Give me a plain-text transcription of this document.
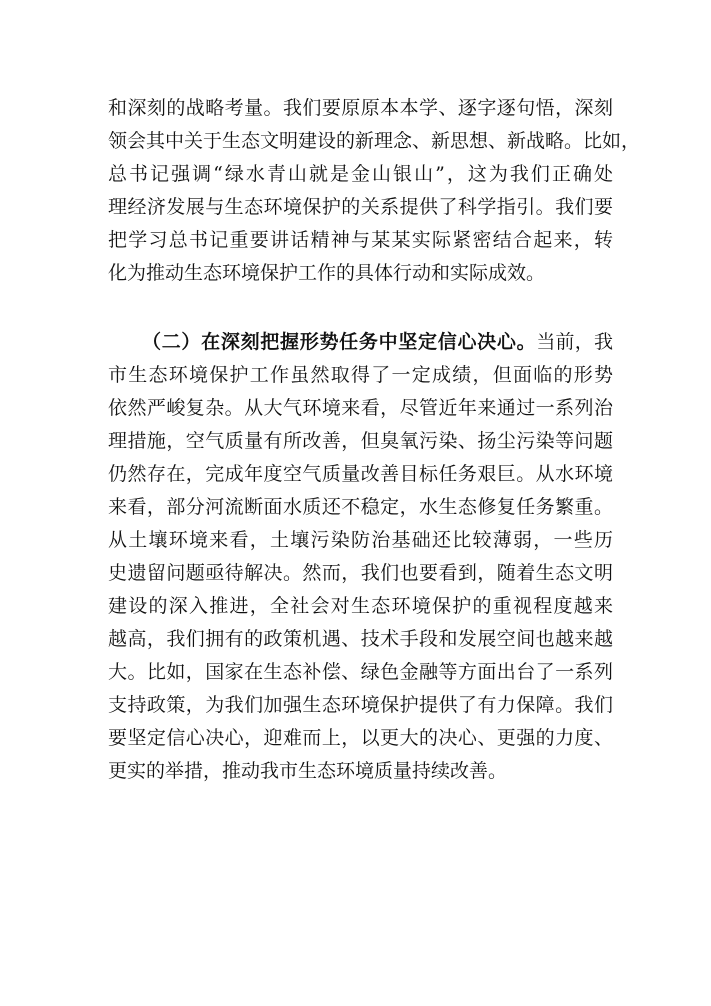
和深刻的战略考量。我们要原原本本学、逐字逐句悟，深刻
领会其中关于生态文明建设的新理念、新思想、新战略。比如，
总书记强调“绿水青山就是金山银山”，这为我们正确处
理经济发展与生态环境保护的关系提供了科学指引。我们要
把学习总书记重要讲话精神与某某实际紧密结合起来，转
化为推动生态环境保护工作的具体行动和实际成效。
（二）在深刻把握形势任务中坚定信心决心。当前，我
市生态环境保护工作虽然取得了一定成绩，但面临的形势
依然严峻复杂。从大气环境来看，尽管近年来通过一系列治
理措施，空气质量有所改善，但臭氧污染、扬尘污染等问题
仍然存在，完成年度空气质量改善目标任务艰巨。从水环境
来看，部分河流断面水质还不稳定，水生态修复任务繁重。
从土壤环境来看，土壤污染防治基础还比较薄弱，一些历
史遗留问题亟待解决。然而，我们也要看到，随着生态文明
建设的深入推进，全社会对生态环境保护的重视程度越来
越高，我们拥有的政策机遇、技术手段和发展空间也越来越
大。比如，国家在生态补偿、绿色金融等方面出台了一系列
支持政策，为我们加强生态环境保护提供了有力保障。我们
要坚定信心决心，迎难而上，以更大的决心、更强的力度、
更实的举措，推动我市生态环境质量持续改善。
